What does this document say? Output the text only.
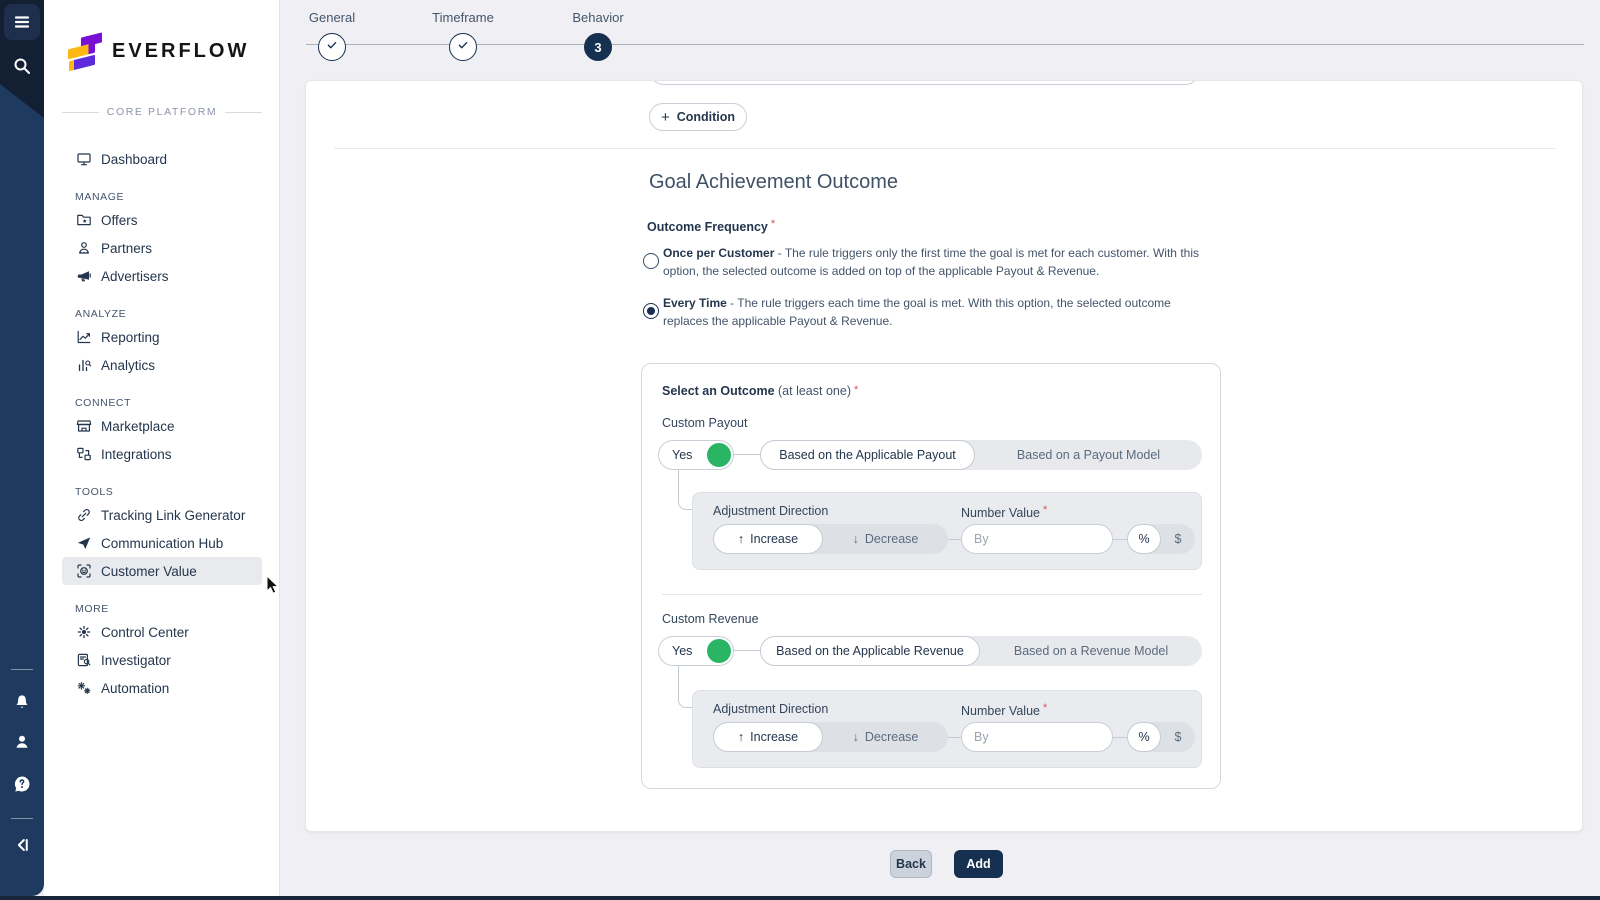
EVERFLOW
CORE PLATFORM
Dashboard
MANAGE
Offers
Partners
Advertisers
ANALYZE
Reporting
Analytics
CONNECT
Marketplace
Integrations
TOOLS
Tracking Link Generator
Communication Hub
Customer Value
MORE
Control Center
Investigator
Automation
General	Timeframe	Behavior
3
+ Condition
Goal Achievement Outcome
Outcome Frequency *

Once per Customer - The rule triggers only the first time the goal is met for each customer. With this option, the selected outcome is added on top of the applicable Payout & Revenue.

Every Time - The rule triggers each time the goal is met. With this option, the selected outcome replaces the applicable Payout & Revenue.

Select an Outcome (at least one) *
Custom Payout
Yes	Based on the Applicable Payout	Based on a Payout Model
Adjustment Direction	Number Value *
↑ Increase	↓ Decrease
By	% $
Custom Revenue
Yes	Based on the Applicable Revenue	Based on a Revenue Model
Adjustment Direction	Number Value *
↑ Increase	↓ Decrease
By	% $
Back	Add
